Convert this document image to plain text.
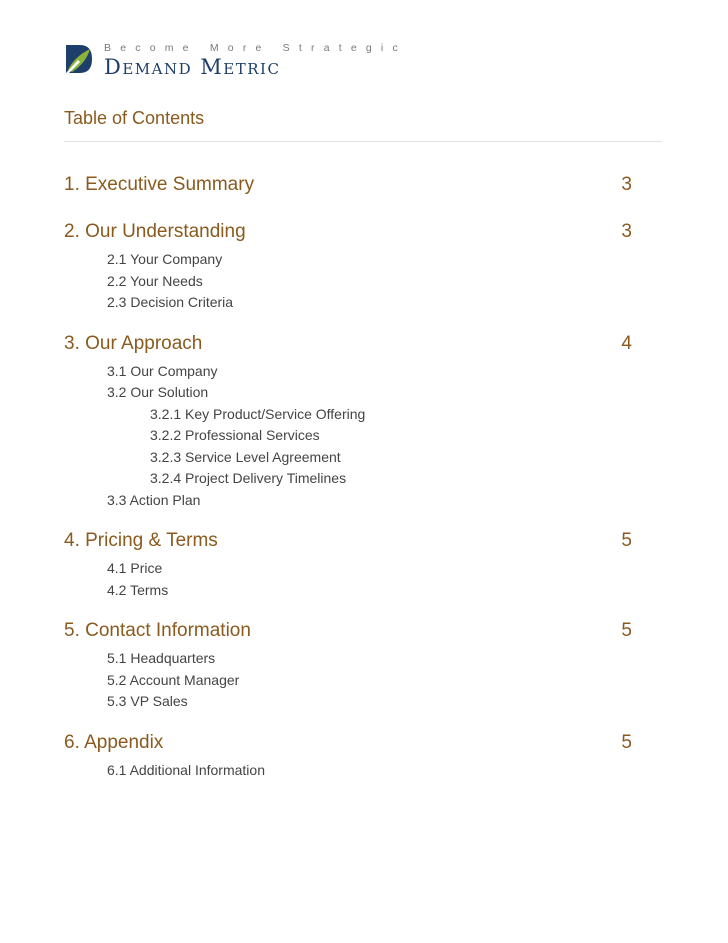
Become More Strategic
Demand Metric
Table of Contents
1. Executive Summary	3
2. Our Understanding	3
2.1 Your Company
2.2 Your Needs
2.3 Decision Criteria
3. Our Approach	4
3.1 Our Company
3.2 Our Solution
3.2.1 Key Product/Service Offering
3.2.2 Professional Services
3.2.3 Service Level Agreement
3.2.4 Project Delivery Timelines
3.3 Action Plan
4. Pricing & Terms	5
4.1 Price
4.2 Terms
5. Contact Information	5
5.1 Headquarters
5.2 Account Manager
5.3 VP Sales
6. Appendix	5
6.1 Additional Information
